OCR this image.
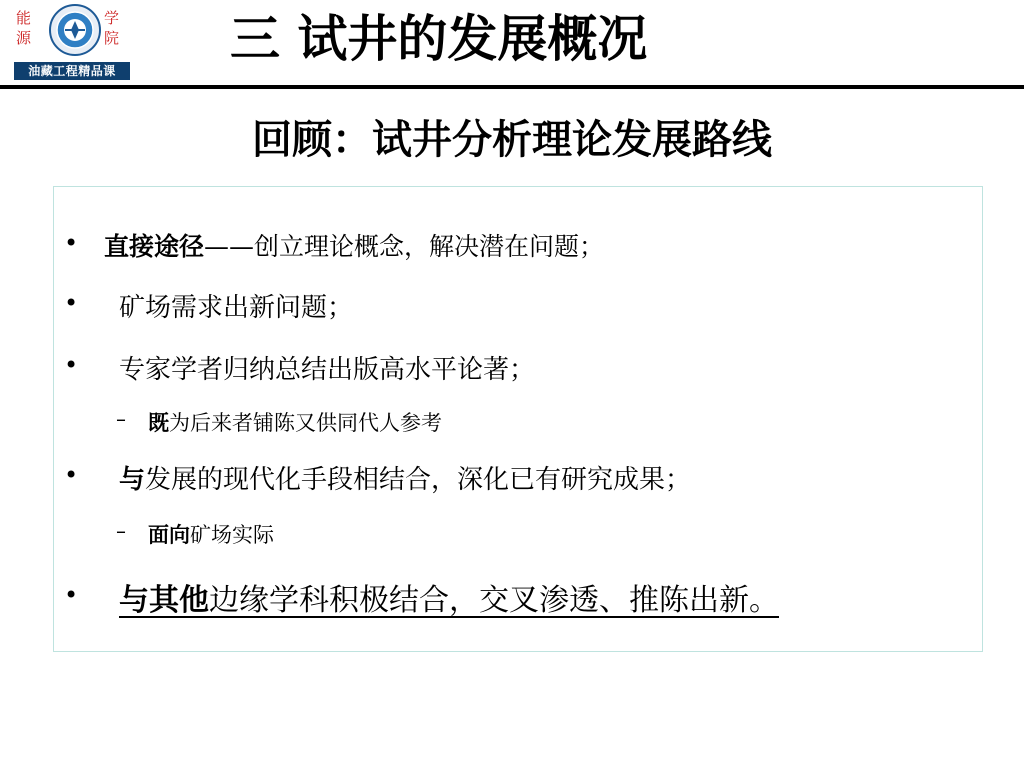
能
源
学
院
油藏工程精品课
三 试井的发展概况
回顾：试井分析理论发展路线
• 直接途径——创立理论概念，解决潜在问题；
• 矿场需求出新问题；
• 专家学者归纳总结出版高水平论著；
– 既为后来者铺陈又供同代人参考
• 与发展的现代化手段相结合，深化已有研究成果；
– 面向矿场实际
• 与其他边缘学科积极结合，交叉渗透、推陈出新。
